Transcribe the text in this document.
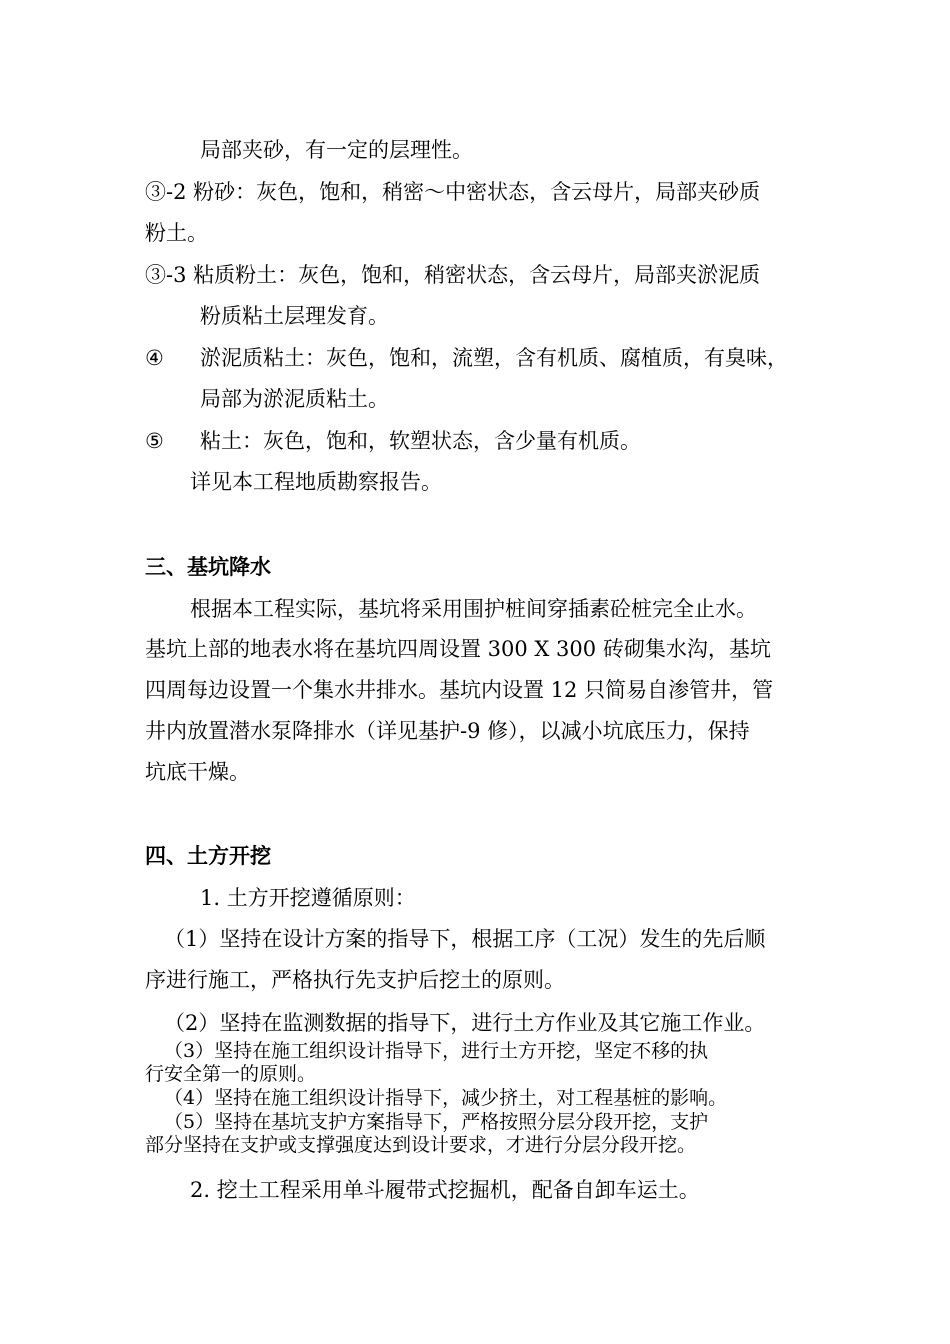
局部夹砂，有一定的层理性。
③-2 粉砂：灰色，饱和，稍密～中密状态，含云母片，局部夹砂质
粉土。
③-3 粘质粉土：灰色，饱和，稍密状态，含云母片，局部夹淤泥质
粉质粘土层理发育。
④ 淤泥质粘土：灰色，饱和，流塑，含有机质、腐植质，有臭味，
局部为淤泥质粘土。
⑤ 粘土：灰色，饱和，软塑状态，含少量有机质。
详见本工程地质勘察报告。
三、基坑降水
根据本工程实际，基坑将采用围护桩间穿插素砼桩完全止水。
基坑上部的地表水将在基坑四周设置 300 X 300 砖砌集水沟，基坑
四周每边设置一个集水井排水。基坑内设置 12 只简易自渗管井，管
井内放置潜水泵降排水（详见基护-9 修），以减小坑底压力，保持
坑底干燥。
四、土方开挖
1. 土方开挖遵循原则：
（1）坚持在设计方案的指导下，根据工序（工况）发生的先后顺
序进行施工，严格执行先支护后挖土的原则。
（2）坚持在监测数据的指导下，进行土方作业及其它施工作业。
（3）坚持在施工组织设计指导下，进行土方开挖，坚定不移的执
行安全第一的原则。
（4）坚持在施工组织设计指导下，减少挤土，对工程基桩的影响。
（5）坚持在基坑支护方案指导下，严格按照分层分段开挖，支护
部分坚持在支护或支撑强度达到设计要求，才进行分层分段开挖。
2. 挖土工程采用单斗履带式挖掘机，配备自卸车运土。
